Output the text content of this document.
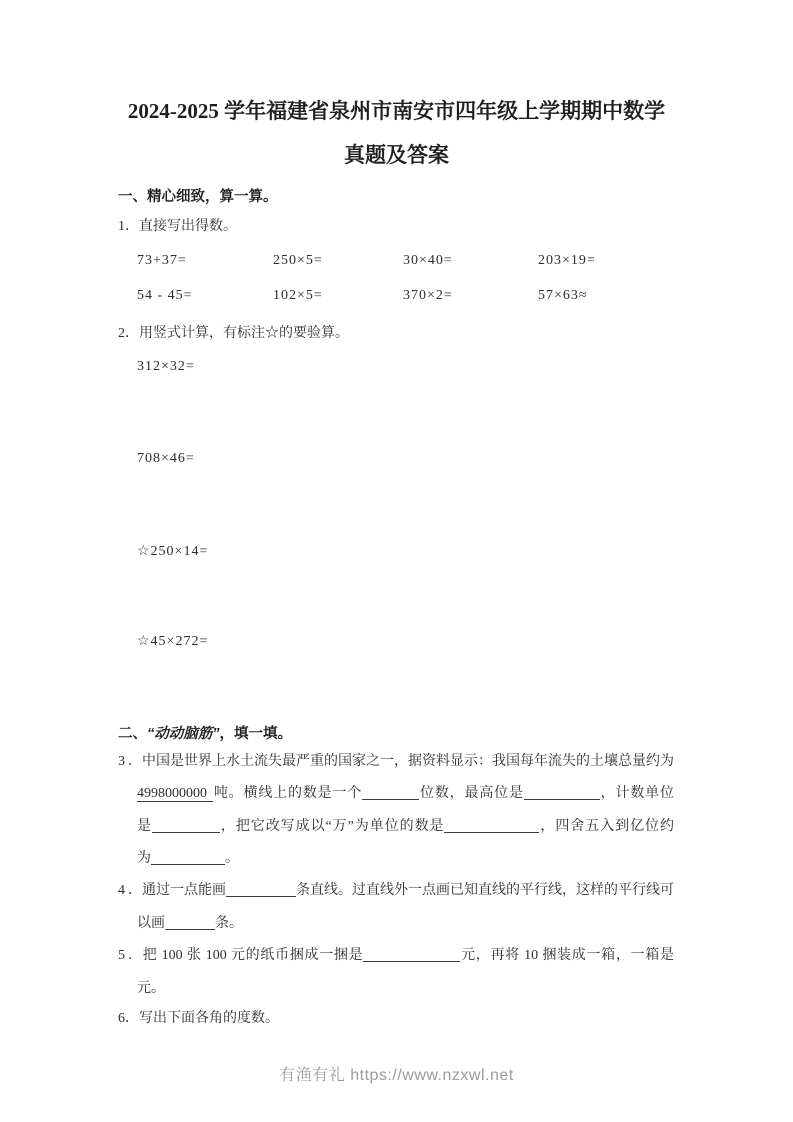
2024-2025 学年福建省泉州市南安市四年级上学期期中数学
真题及答案
一、精心细致，算一算。
1．直接写出得数。
73+37=	250×5=	30×40=	203×19=
54 - 45=	102×5=	370×2=	57×63≈
2．用竖式计算，有标注☆的要验算。
312×32=
708×46=
☆250×14=
☆45×272=
二、“动动脑筋”，填一填。
3．中国是世界上水土流失最严重的国家之一，据资料显示：我国每年流失的土壤总量约为
4998000000 吨。横线上的数是一个	位数，最高位是	，计数单位
是	，把它改写成以“万”为单位的数是	，四舍五入到亿位约
为	。
4．通过一点能画	条直线。过直线外一点画已知直线的平行线，这样的平行线可
以画	条。
5．把 100 张 100 元的纸币捆成一捆是	元，再将 10 捆装成一箱，一箱是
元。
6．写出下面各角的度数。
有渔有礼 https://www.nzxwl.net
